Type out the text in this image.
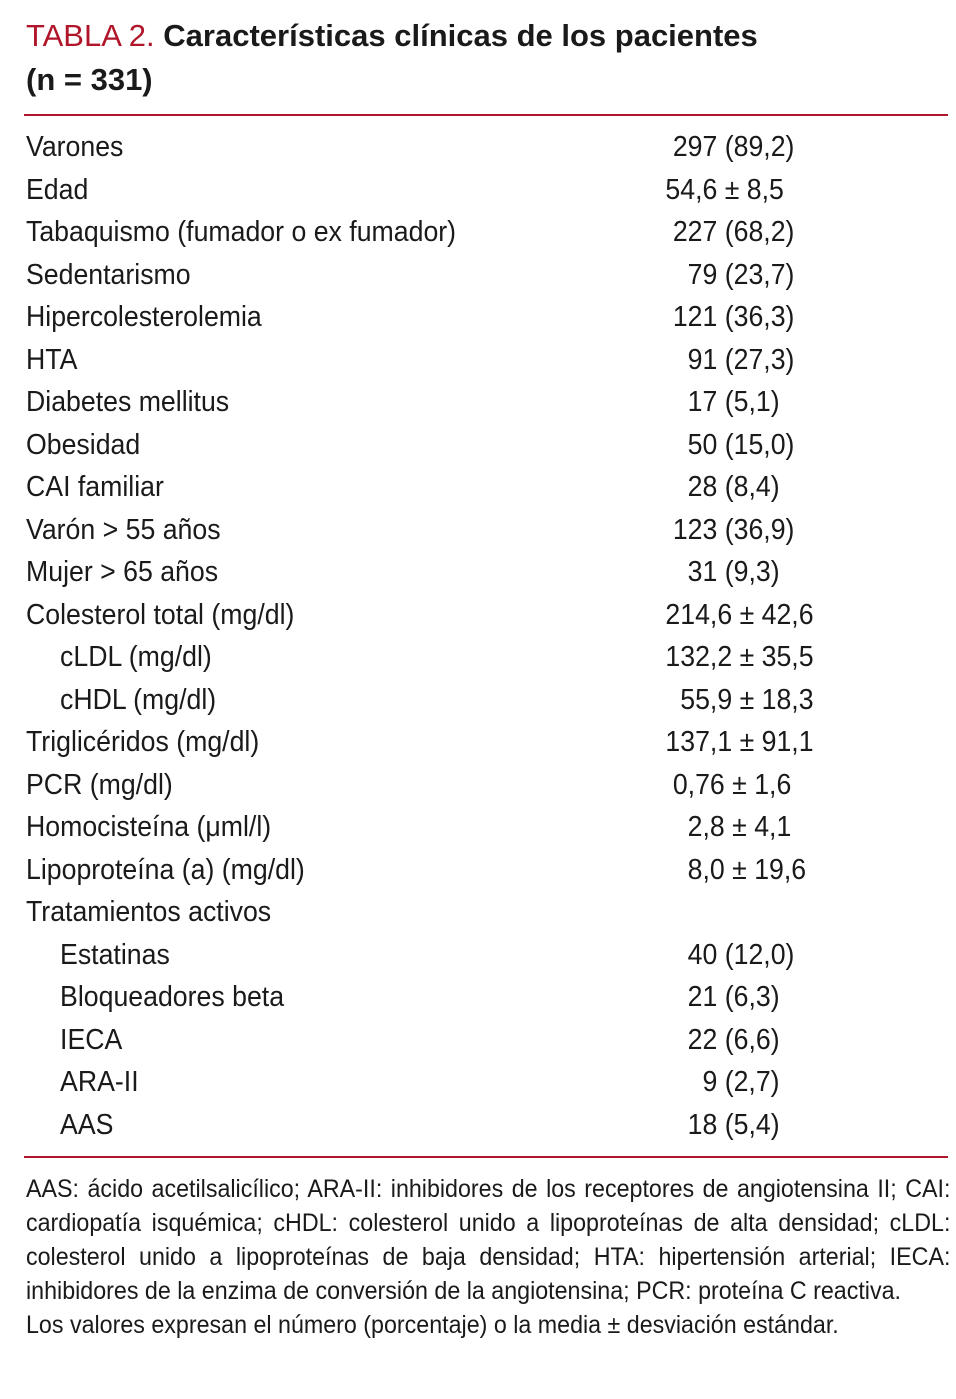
TABLA 2. Características clínicas de los pacientes
(n = 331)
Varones	297 (89,2)
Edad	54,6 ± 8,5
Tabaquismo (fumador o ex fumador)	227 (68,2)
Sedentarismo	79 (23,7)
Hipercolesterolemia	121 (36,3)
HTA	91 (27,3)
Diabetes mellitus	17 (5,1)
Obesidad	50 (15,0)
CAI familiar	28 (8,4)
Varón > 55 años	123 (36,9)
Mujer > 65 años	31 (9,3)
Colesterol total (mg/dl)	214,6 ± 42,6
cLDL (mg/dl)	132,2 ± 35,5
cHDL (mg/dl)	55,9 ± 18,3
Triglicéridos (mg/dl)	137,1 ± 91,1
PCR (mg/dl)	0,76 ± 1,6
Homocisteína (μml/l)	2,8 ± 4,1
Lipoproteína (a) (mg/dl)	8,0 ± 19,6
Tratamientos activos	
Estatinas	40 (12,0)
Bloqueadores beta	21 (6,3)
IECA	22 (6,6)
ARA-II	9 (2,7)
AAS	18 (5,4)

AAS: ácido acetilsalicílico; ARA-II: inhibidores de los receptores de angiotensina II; CAI: cardiopatía isquémica; cHDL: colesterol unido a lipoproteínas de alta densidad; cLDL: colesterol unido a lipoproteínas de baja densidad; HTA: hipertensión arterial; IECA: inhibidores de la enzima de conversión de la angiotensina; PCR: proteína C reactiva.

Los valores expresan el número (porcentaje) o la media ± desviación estándar.
